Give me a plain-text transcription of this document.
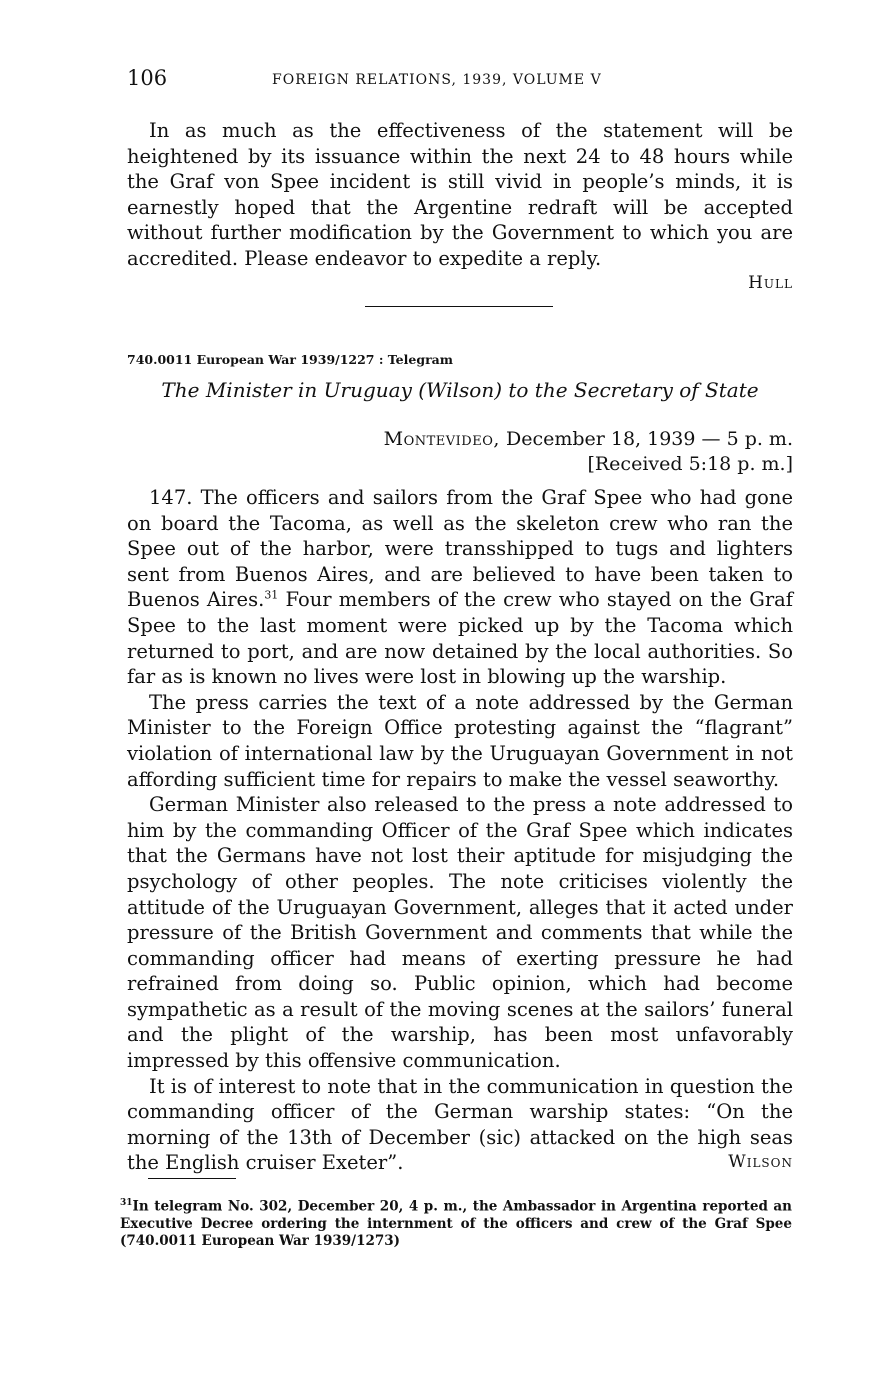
106	FOREIGN RELATIONS, 1939, VOLUME V

In as much as the effectiveness of the statement will be heightened by its issuance within the next 24 to 48 hours while the Graf von Spee incident is still vivid in people’s minds, it is earnestly hoped that the Argentine redraft will be accepted without further modification by the Government to which you are accredited. Please endeavor to expedite a reply.

Hull
740.0011 European War 1939/1227 : Telegram
The Minister in Uruguay (Wilson) to the Secretary of State
Montevideo, December 18, 1939 — 5 p. m.
[Received 5:18 p. m.]

147. The officers and sailors from the Graf Spee who had gone on board the Tacoma, as well as the skeleton crew who ran the Spee out of the harbor, were transshipped to tugs and lighters sent from Buenos Aires, and are believed to have been taken to Buenos Aires.$^{31}$ Four members of the crew who stayed on the Graf Spee to the last moment were picked up by the Tacoma which returned to port, and are now detained by the local authorities. So far as is known no lives were lost in blowing up the warship.

The press carries the text of a note addressed by the German Minister to the Foreign Office protesting against the “flagrant” violation of international law by the Uruguayan Government in not affording sufficient time for repairs to make the vessel seaworthy.

German Minister also released to the press a note addressed to him by the commanding Officer of the Graf Spee which indicates that the Germans have not lost their aptitude for misjudging the psychology of other peoples. The note criticises violently the attitude of the Uruguayan Government, alleges that it acted under pressure of the British Government and comments that while the commanding officer had means of exerting pressure he had refrained from doing so. Public opinion, which had become sympathetic as a result of the moving scenes at the sailors’ funeral and the plight of the warship, has been most unfavorably impressed by this offensive communication.

It is of interest to note that in the communication in question the commanding officer of the German warship states: “On the morning of the 13th of December (sic) attacked on the high seas the English cruiser Exeter”.	Wilson
$^{31}$In telegram No. 302, December 20, 4 p. m., the Ambassador in Argentina reported an Executive Decree ordering the internment of the officers and crew of the Graf Spee (740.0011 European War 1939/1273)
